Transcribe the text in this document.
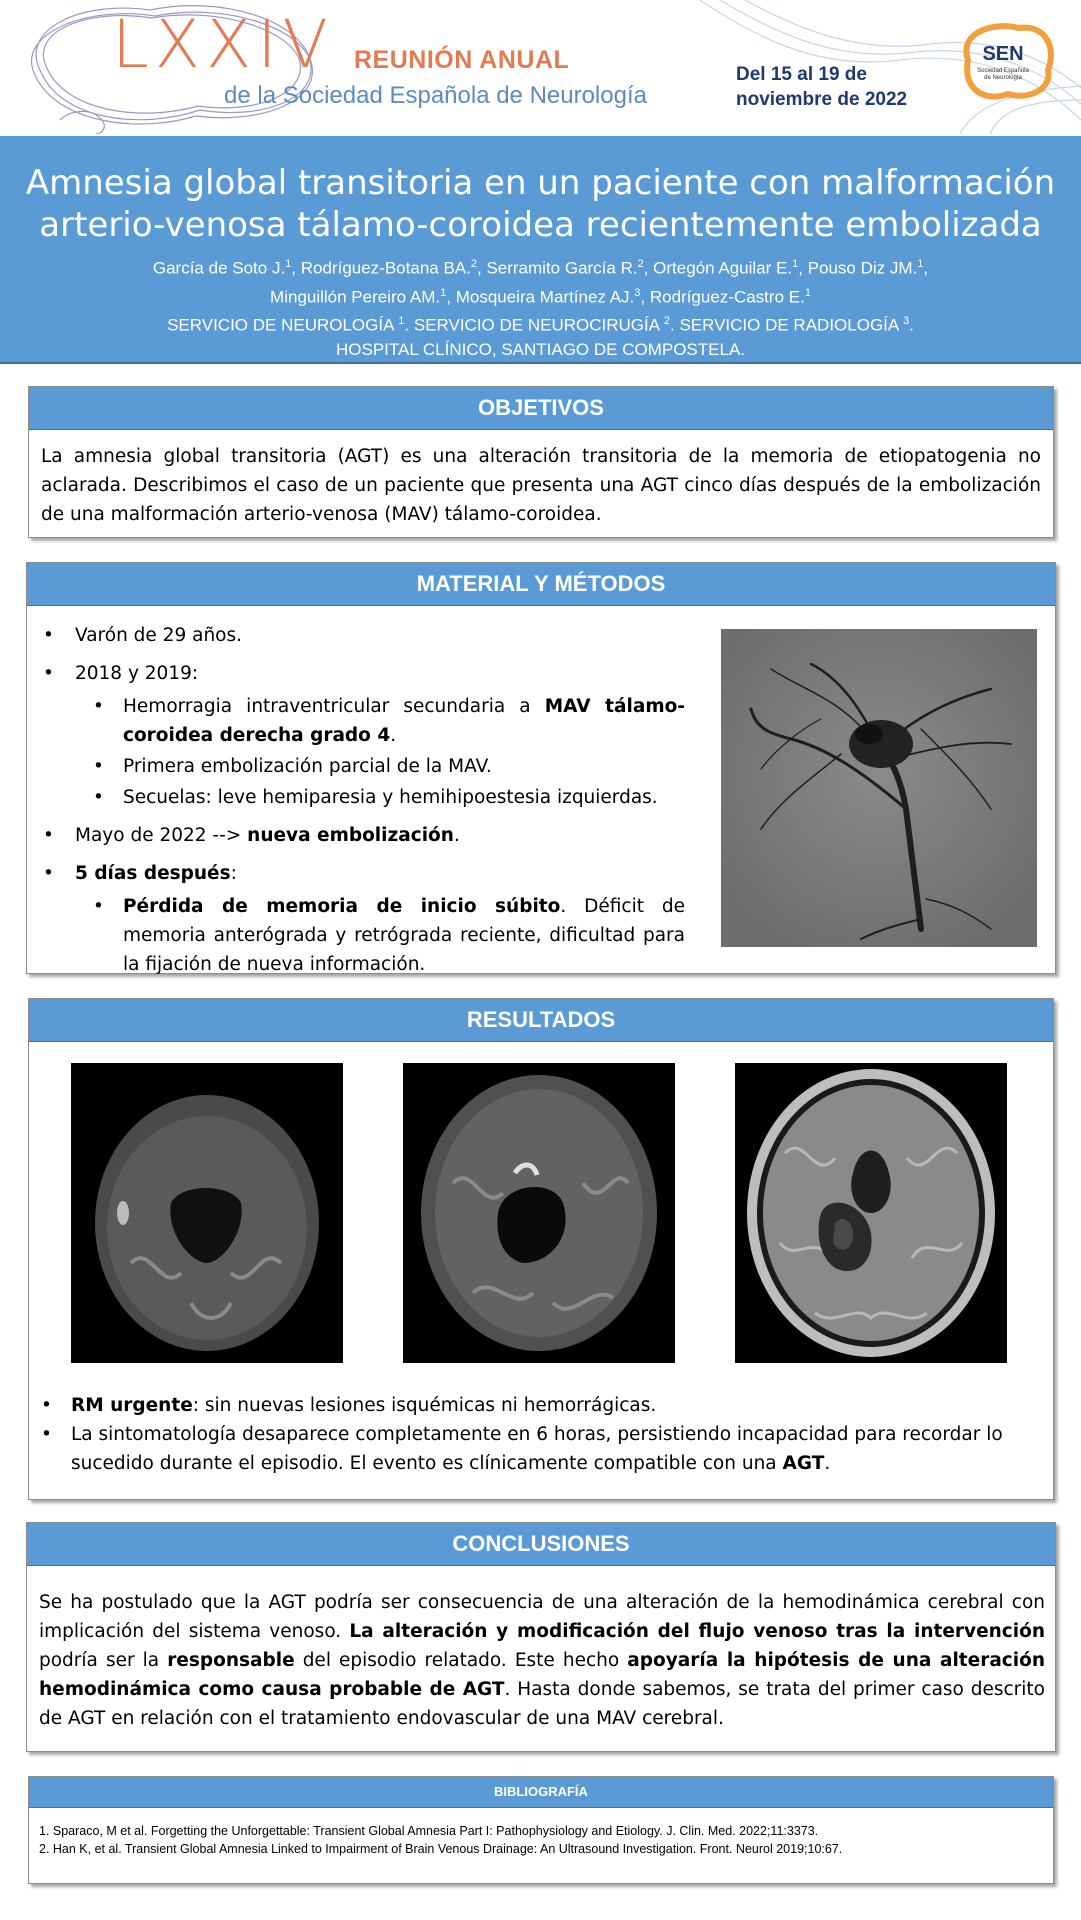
LXXIV REUNIÓN ANUAL
de la Sociedad Española de Neurología
Del 15 al 19 de
noviembre de 2022
SEN
Sociedad Española
de Neurología
Amnesia global transitoria en un paciente con malformación
arterio-venosa tálamo-coroidea recientemente embolizada
García de Soto J.$^1$, Rodríguez-Botana BA.$^2$, Serramito García R.$^2$, Ortegón Aguilar E.$^1$, Pouso Diz JM.$^1$,
Minguillón Pereiro AM.$^1$, Mosqueira Martínez AJ.$^3$, Rodríguez-Castro E.$^1$
SERVICIO DE NEUROLOGÍA $^1$. SERVICIO DE NEUROCIRUGÍA $^2$. SERVICIO DE RADIOLOGÍA $^3$.
HOSPITAL CLÍNICO, SANTIAGO DE COMPOSTELA.
OBJETIVOS
La amnesia global transitoria (AGT) es una alteración transitoria de la memoria de etiopatogenia no aclarada. Describimos el caso de un paciente que presenta una AGT cinco días después de la embolización de una malformación arterio-venosa (MAV) tálamo-coroidea.
MATERIAL Y MÉTODOS
• Varón de 29 años.
• 2018 y 2019:
• Hemorragia intraventricular secundaria a MAV tálamo-coroidea derecha grado 4.
• Primera embolización parcial de la MAV.
• Secuelas: leve hemiparesia y hemihipoestesia izquierdas.
• Mayo de 2022 --> nueva embolización.
• 5 días después:
• Pérdida de memoria de inicio súbito. Déficit de memoria anterógrada y retrógrada reciente, dificultad para la fijación de nueva información.
RESULTADOS
• RM urgente: sin nuevas lesiones isquémicas ni hemorrágicas.
• La sintomatología desaparece completamente en 6 horas, persistiendo incapacidad para recordar lo sucedido durante el episodio. El evento es clínicamente compatible con una AGT.
CONCLUSIONES
Se ha postulado que la AGT podría ser consecuencia de una alteración de la hemodinámica cerebral con implicación del sistema venoso. La alteración y modificación del flujo venoso tras la intervención podría ser la responsable del episodio relatado. Este hecho apoyaría la hipótesis de una alteración hemodinámica como causa probable de AGT. Hasta donde sabemos, se trata del primer caso descrito de AGT en relación con el tratamiento endovascular de una MAV cerebral.
BIBLIOGRAFÍA
1. Sparaco, M et al. Forgetting the Unforgettable: Transient Global Amnesia Part I: Pathophysiology and Etiology. J. Clin. Med. 2022;11:3373.
2. Han K, et al. Transient Global Amnesia Linked to Impairment of Brain Venous Drainage: An Ultrasound Investigation. Front. Neurol 2019;10:67.
